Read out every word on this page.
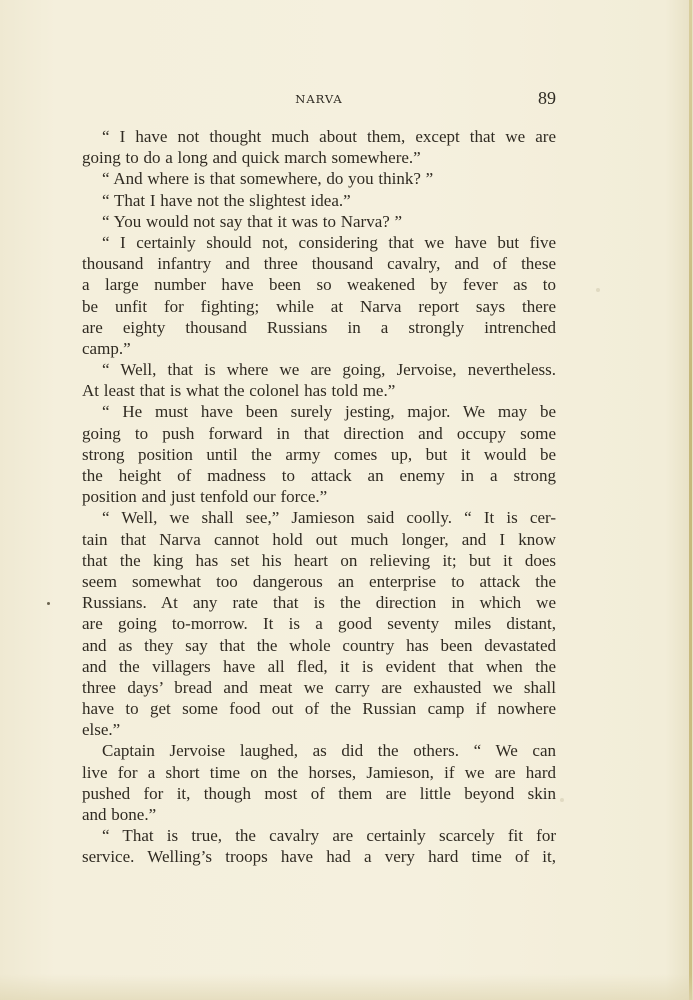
NARVA	89
“ I have not thought much about them, except that we are
going to do a long and quick march somewhere.”
“ And where is that somewhere, do you think? ”
“ That I have not the slightest idea.”
“ You would not say that it was to Narva? ”
“ I certainly should not, considering that we have but five
thousand infantry and three thousand cavalry, and of these
a large number have been so weakened by fever as to
be unfit for fighting; while at Narva report says there
are eighty thousand Russians in a strongly intrenched
camp.”
“ Well, that is where we are going, Jervoise, nevertheless.
At least that is what the colonel has told me.”
“ He must have been surely jesting, major. We may be
going to push forward in that direction and occupy some
strong position until the army comes up, but it would be
the height of madness to attack an enemy in a strong
position and just tenfold our force.”
“ Well, we shall see,” Jamieson said coolly. “ It is cer-
tain that Narva cannot hold out much longer, and I know
that the king has set his heart on relieving it; but it does
seem somewhat too dangerous an enterprise to attack the
Russians. At any rate that is the direction in which we
are going to-morrow. It is a good seventy miles distant,
and as they say that the whole country has been devastated
and the villagers have all fled, it is evident that when the
three days’ bread and meat we carry are exhausted we shall
have to get some food out of the Russian camp if nowhere
else.”
Captain Jervoise laughed, as did the others. “ We can
live for a short time on the horses, Jamieson, if we are hard
pushed for it, though most of them are little beyond skin
and bone.”
“ That is true, the cavalry are certainly scarcely fit for
service. Welling’s troops have had a very hard time of it,
